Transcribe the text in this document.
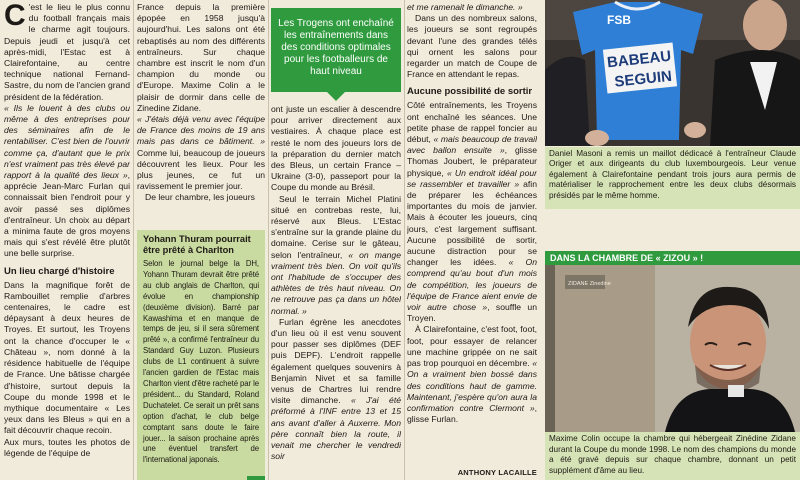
C 'est le lieu le plus connu du football français mais le charme agit toujours. Depuis jeudi et jusqu'à cet après-midi, l'Estac est à Clairefontaine, au centre technique national Fernand-Sastre, du nom de l'ancien grand président de la fédération.

« Ils le louent à des clubs ou même à des entreprises pour des séminaires afin de le rentabiliser. C'est bien de l'ouvrir comme ça, d'autant que le prix n'est vraiment pas très élevé par rapport à la qualité des lieux », apprécie Jean-Marc Furlan qui connaissait bien l'endroit pour y avoir passé ses diplômes d'entraîneur. Un choix au départ a minima faute de gros moyens mais qui s'est révélé être plutôt une belle surprise.

Un lieu chargé d'histoire

Dans la magnifique forêt de Rambouillet remplie d'arbres centenaires, le cadre est dépaysant à deux heures de Troyes. Et surtout, les Troyens ont la chance d'occuper le « Château », nom donné à la résidence habituelle de l'équipe de France. Une bâtisse chargée d'histoire, surtout depuis la Coupe du monde 1998 et le mythique documentaire « Les yeux dans les Bleus » qui en a fait découvrir chaque recoin.

Aux murs, toutes les photos de légende de l'équipe de

France depuis la première épopée en 1958 jusqu'à aujourd'hui. Les salons ont été rebaptisés au nom des différents entraîneurs. Sur chaque chambre est inscrit le nom d'un champion du monde ou d'Europe. Maxime Colin a le plaisir de dormir dans celle de Zinedine Zidane.

« J'étais déjà venu avec l'équipe de France des moins de 19 ans mais pas dans ce bâtiment. » Comme lui, beaucoup de joueurs découvrent les lieux. Pour les plus jeunes, ce fut un ravissement le premier jour.

De leur chambre, les joueurs

Yohann Thuram pourrait être prêté à Charlton

Selon le journal belge la DH, Yohann Thuram devrait être prêté au club anglais de Charlton, qui évolue en championship (deuxième division). Barré par Kawashima et en manque de temps de jeu, si il sera sûrement prêté », a confirmé l'entraîneur du Standard Guy Luzon. Plusieurs clubs de L1 continuent à suivre l'ancien gardien de l'Estac mais Charlton vient d'être racheté par le président... du Standard, Roland Duchatelet. Ce serait un prêt sans option d'achat, le club belge comptant sans doute le faire jouer... la saison prochaine après une éventuel transfert de l'international japonais.

Les Trogens ont enchaîné les entraînements dans des conditions optimales pour les footballeurs de haut niveau

ont juste un escalier à descendre pour arriver directement aux vestiaires. À chaque place est resté le nom des joueurs lors de la préparation du dernier match des Bleus, un certain France – Ukraine (3-0), passeport pour la Coupe du monde au Brésil.

Seul le terrain Michel Platini situé en contrebas reste, lui, réservé aux Bleus. L'Estac s'entraîne sur la grande plaine du domaine. Cerise sur le gâteau, selon l'entraîneur, « on mange vraiment très bien. On voit qu'ils ont l'habitude de s'occuper des athlètes de très haut niveau. On ne retrouve pas ça dans un hôtel normal. »

Furlan égrène les anecdotes d'un lieu où il est venu souvent pour passer ses diplômes (DEF puis DEPF). L'endroit rappelle également quelques souvenirs à Benjamin Nivet et sa famille venus de Chartres lui rendre visite dimanche. « J'ai été préformé à l'INF entre 13 et 15 ans avant d'aller à Auxerre. Mon père connaît bien la route, il venait me chercher le vendredi soir

et me ramenait le dimanche. »

Dans un des nombreux salons, les joueurs se sont regroupés devant l'une des grandes télés qui ornent les salons pour regarder un match de Coupe de France en attendant le repas.

Aucune possibilité de sortir

Côté entraînements, les Troyens ont enchaîné les séances. Une petite phase de rappel foncier au début, « mais beaucoup de travail avec ballon ensuite », glisse Thomas Joubert, le préparateur physique, « Un endroit idéal pour se rassembler et travailler » afin de préparer les échéances importantes du mois de janvier. Mais à écouter les joueurs, cinq jours, c'est largement suffisant. Aucune possibilité de sortir, aucune distraction pour se changer les idées. « On comprend qu'au bout d'un mois de compétition, les joueurs de l'équipe de France aient envie de voir autre chose », souffle un Troyen.

À Clairefontaine, c'est foot, foot, foot, pour essayer de relancer une machine grippée on ne sait pas trop pourquoi en décembre. « On a vraiment bien bossé dans des conditions haut de gamme. Maintenant, j'espère qu'on aura la confirmation contre Clermont », glisse Furlan.

ANTHONY LACAILLE
BABEAU
SEGUIN
FSB
Daniel Masoni a remis un maillot dédicacé à l'entraîneur Claude Origer et aux dirigeants du club luxembourgeois. Leur venue également à Clairefontaine pendant trois jours aura permis de matérialiser le rapprochement entre les deux clubs désormais présidés par le même homme.
DANS LA CHAMBRE DE « ZIZOU » !
ZIDANE Zinedine
Maxime Colin occupe la chambre qui hébergeait Zinédine Zidane durant la Coupe du monde 1998. Le nom des champions du monde a été gravé depuis sur chaque chambre, donnant un petit supplément d'âme au lieu.
